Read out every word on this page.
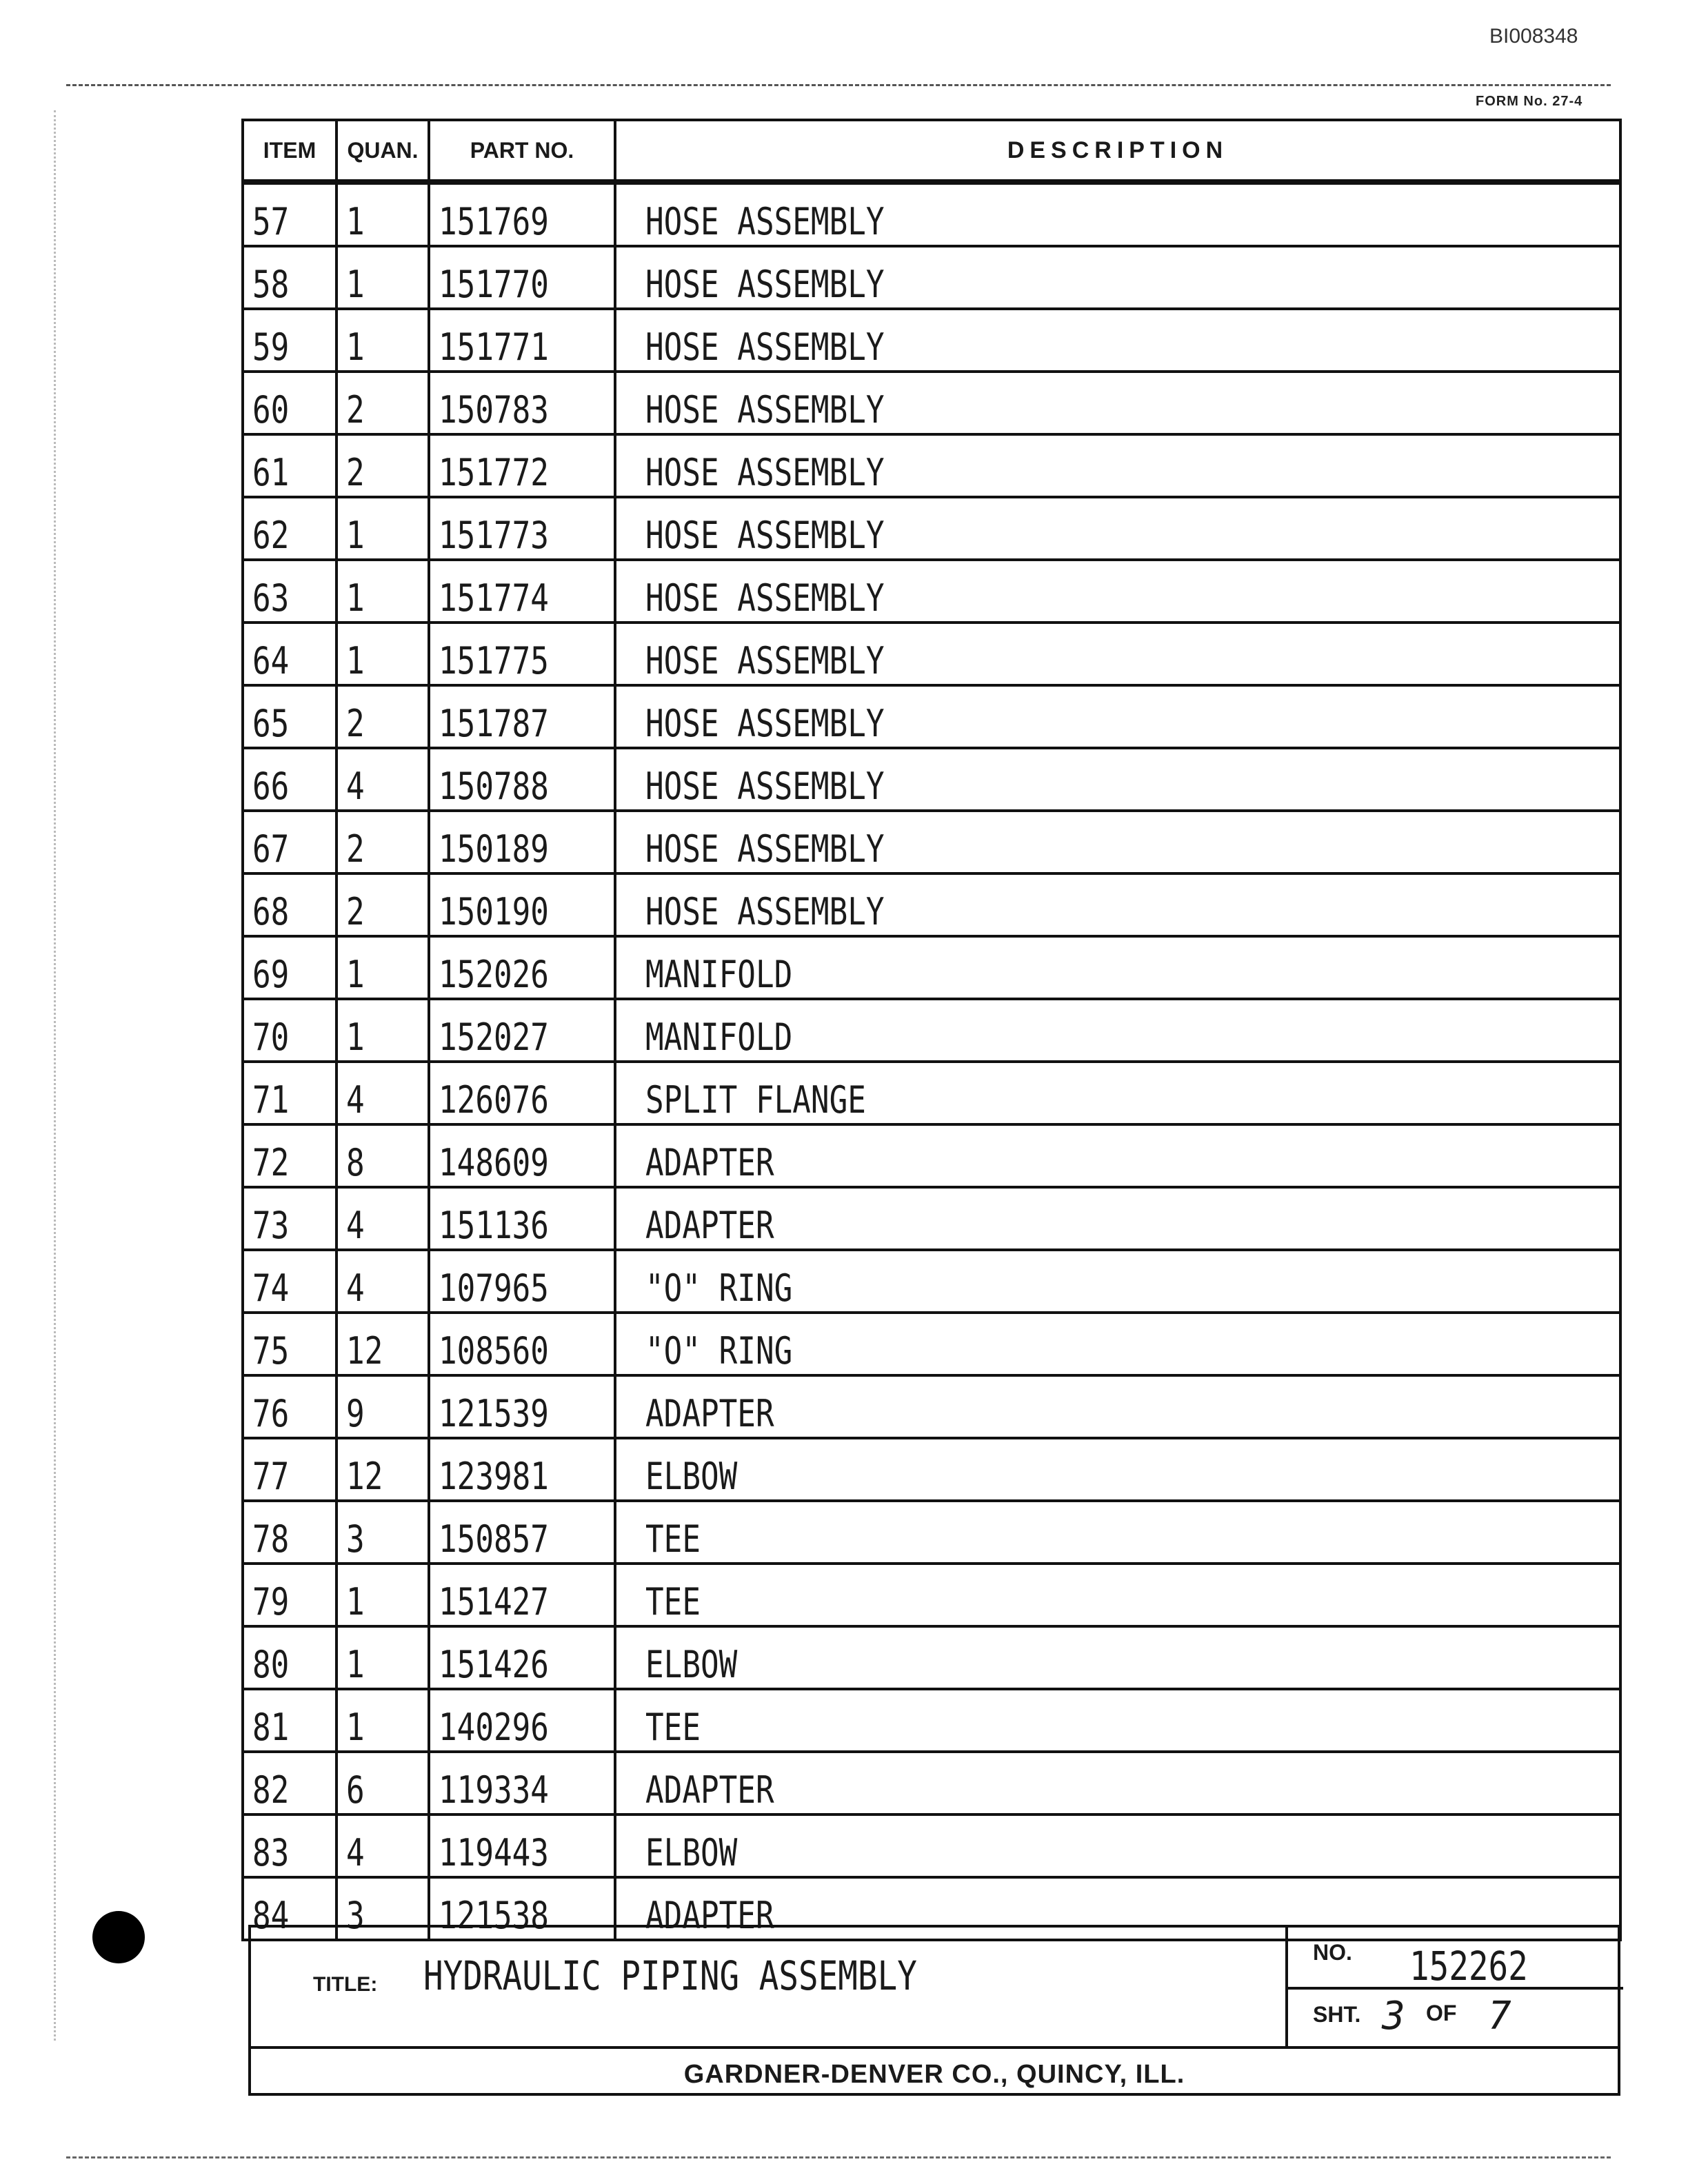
BI008348
FORM No. 27-4
ITEM	QUAN.	PART NO.	DESCRIPTION
57	1	151769	HOSE ASSEMBLY
58	1	151770	HOSE ASSEMBLY
59	1	151771	HOSE ASSEMBLY
60	2	150783	HOSE ASSEMBLY
61	2	151772	HOSE ASSEMBLY
62	1	151773	HOSE ASSEMBLY
63	1	151774	HOSE ASSEMBLY
64	1	151775	HOSE ASSEMBLY
65	2	151787	HOSE ASSEMBLY
66	4	150788	HOSE ASSEMBLY
67	2	150189	HOSE ASSEMBLY
68	2	150190	HOSE ASSEMBLY
69	1	152026	MANIFOLD
70	1	152027	MANIFOLD
71	4	126076	SPLIT FLANGE
72	8	148609	ADAPTER
73	4	151136	ADAPTER
74	4	107965	"O" RING
75	12	108560	"O" RING
76	9	121539	ADAPTER
77	12	123981	ELBOW
78	3	150857	TEE
79	1	151427	TEE
80	1	151426	ELBOW
81	1	140296	TEE
82	6	119334	ADAPTER
83	4	119443	ELBOW
84	3	121538	ADAPTER
TITLE: HYDRAULIC PIPING ASSEMBLY	NO. 152262
SHT. 3 OF 7
GARDNER-DENVER CO., QUINCY, ILL.
